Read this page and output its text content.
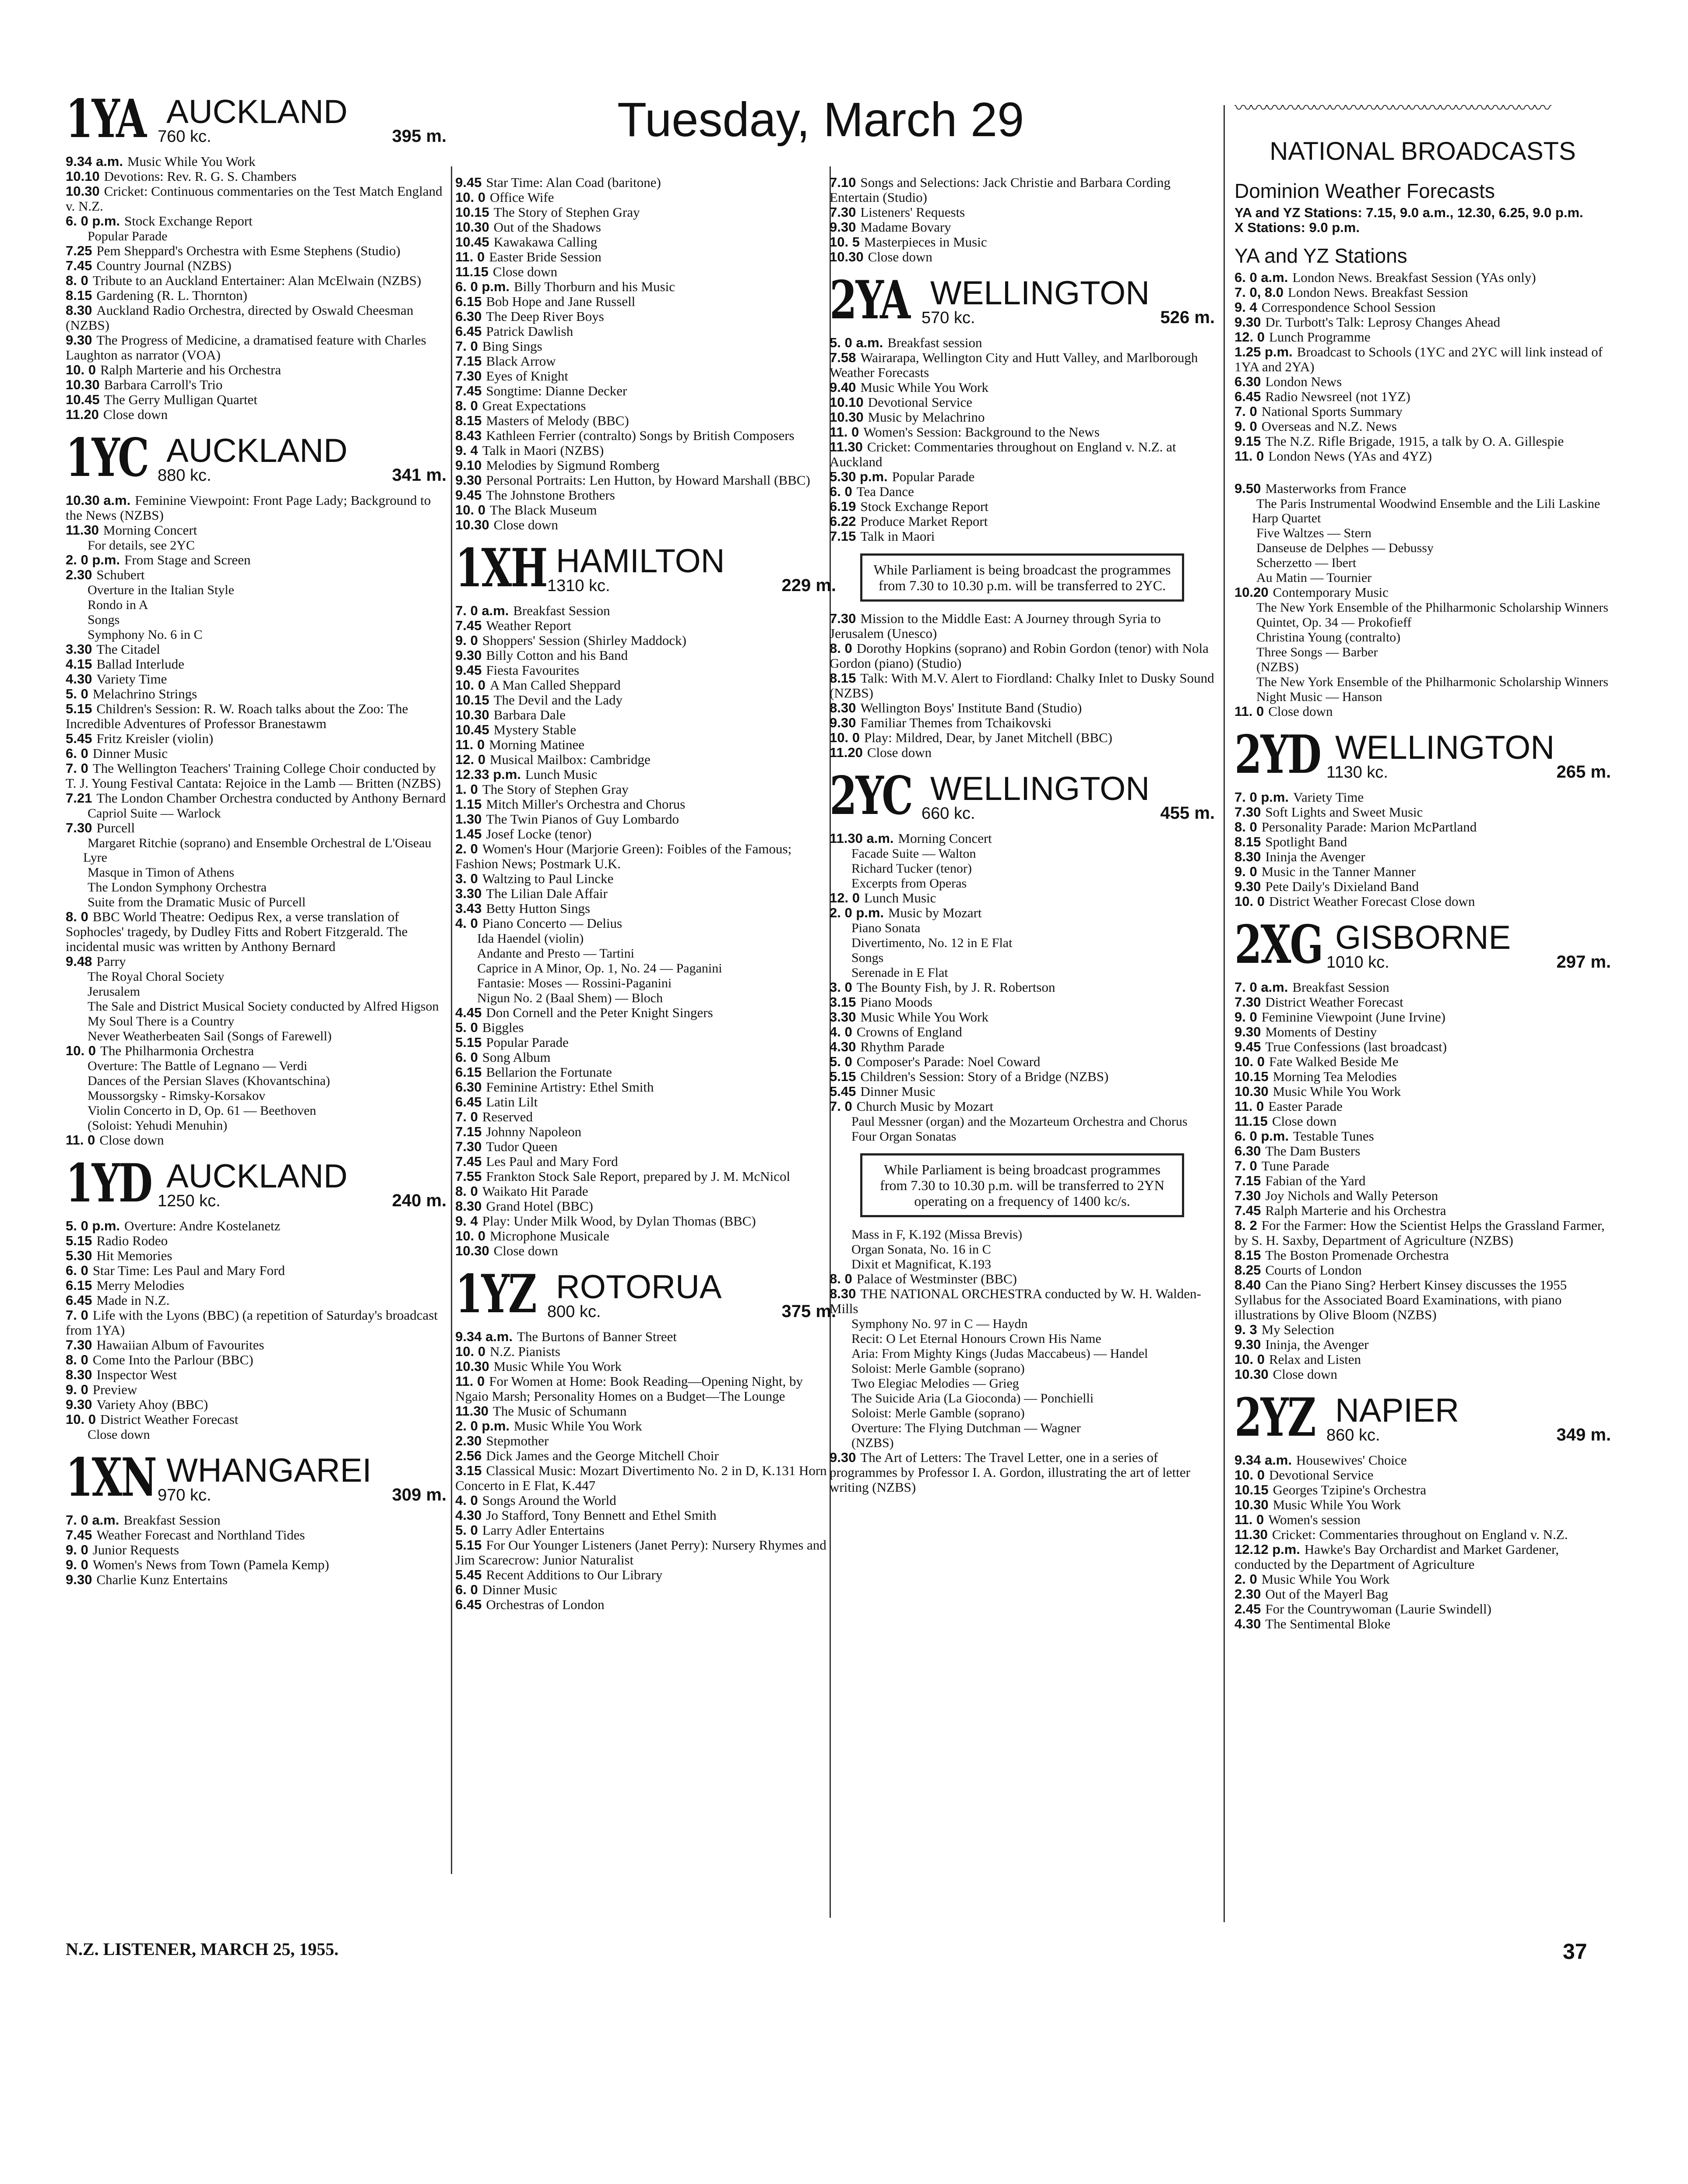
Tuesday, March 29
1YA AUCKLAND
760 kc.	395 m.
9.34 a.m. Music While You Work
10.10 Devotions: Rev. R. G. S. Chambers
10.30 Cricket: Continuous commentaries on the Test Match England v. N.Z.
6. 0 p.m. Stock Exchange Report
Popular Parade
7.25 Pem Sheppard's Orchestra with Esme Stephens (Studio)
7.45 Country Journal (NZBS)
8. 0 Tribute to an Auckland Entertainer: Alan McElwain (NZBS)
8.15 Gardening (R. L. Thornton)
8.30 Auckland Radio Orchestra, directed by Oswald Cheesman (NZBS)
9.30 The Progress of Medicine, a dramatised feature with Charles Laughton as narrator (VOA)
10. 0 Ralph Marterie and his Orchestra
10.30 Barbara Carroll's Trio
10.45 The Gerry Mulligan Quartet
11.20 Close down
1YC AUCKLAND
880 kc.	341 m.
10.30 a.m. Feminine Viewpoint: Front Page Lady; Background to the News (NZBS)
11.30 Morning Concert
For details, see 2YC
2. 0 p.m. From Stage and Screen
2.30 Schubert
Overture in the Italian Style
Rondo in A
Songs
Symphony No. 6 in C
3.30 The Citadel
4.15 Ballad Interlude
4.30 Variety Time
5. 0 Melachrino Strings
5.15 Children's Session: R. W. Roach talks about the Zoo: The Incredible Adventures of Professor Branestawm
5.45 Fritz Kreisler (violin)
6. 0 Dinner Music
7. 0 The Wellington Teachers' Training College Choir conducted by T. J. Young Festival Cantata: Rejoice in the Lamb — Britten (NZBS)
7.21 The London Chamber Orchestra conducted by Anthony Bernard
Capriol Suite — Warlock
7.30 Purcell
Margaret Ritchie (soprano) and Ensemble Orchestral de L'Oiseau Lyre
Masque in Timon of Athens
The London Symphony Orchestra
Suite from the Dramatic Music of Purcell
8. 0 BBC World Theatre: Oedipus Rex, a verse translation of Sophocles' tragedy, by Dudley Fitts and Robert Fitzgerald. The incidental music was written by Anthony Bernard
9.48 Parry
The Royal Choral Society
Jerusalem
The Sale and District Musical Society conducted by Alfred Higson
My Soul There is a Country
Never Weatherbeaten Sail (Songs of Farewell)
10. 0 The Philharmonia Orchestra
Overture: The Battle of Legnano — Verdi
Dances of the Persian Slaves (Khovantschina)
Moussorgsky - Rimsky-Korsakov
Violin Concerto in D, Op. 61 — Beethoven
(Soloist: Yehudi Menuhin)
11. 0 Close down
1YD AUCKLAND
1250 kc.	240 m.
5. 0 p.m. Overture: Andre Kostelanetz
5.15 Radio Rodeo
5.30 Hit Memories
6. 0 Star Time: Les Paul and Mary Ford
6.15 Merry Melodies
6.45 Made in N.Z.
7. 0 Life with the Lyons (BBC) (a repetition of Saturday's broadcast from 1YA)
7.30 Hawaiian Album of Favourites
8. 0 Come Into the Parlour (BBC)
8.30 Inspector West
9. 0 Preview
9.30 Variety Ahoy (BBC)
10. 0 District Weather Forecast
Close down
1XN WHANGAREI
970 kc.	309 m.
7. 0 a.m. Breakfast Session
7.45 Weather Forecast and Northland Tides
9. 0 Junior Requests
9. 0 Women's News from Town (Pamela Kemp)
9.30 Charlie Kunz Entertains
9.45 Star Time: Alan Coad (baritone)
10. 0 Office Wife
10.15 The Story of Stephen Gray
10.30 Out of the Shadows
10.45 Kawakawa Calling
11. 0 Easter Bride Session
11.15 Close down
6. 0 p.m. Billy Thorburn and his Music
6.15 Bob Hope and Jane Russell
6.30 The Deep River Boys
6.45 Patrick Dawlish
7. 0 Bing Sings
7.15 Black Arrow
7.30 Eyes of Knight
7.45 Songtime: Dianne Decker
8. 0 Great Expectations
8.15 Masters of Melody (BBC)
8.43 Kathleen Ferrier (contralto) Songs by British Composers
9. 4 Talk in Maori (NZBS)
9.10 Melodies by Sigmund Romberg
9.30 Personal Portraits: Len Hutton, by Howard Marshall (BBC)
9.45 The Johnstone Brothers
10. 0 The Black Museum
10.30 Close down
1XH HAMILTON
1310 kc.	229 m.
7. 0 a.m. Breakfast Session
7.45 Weather Report
9. 0 Shoppers' Session (Shirley Maddock)
9.30 Billy Cotton and his Band
9.45 Fiesta Favourites
10. 0 A Man Called Sheppard
10.15 The Devil and the Lady
10.30 Barbara Dale
10.45 Mystery Stable
11. 0 Morning Matinee
12. 0 Musical Mailbox: Cambridge
12.33 p.m. Lunch Music
1. 0 The Story of Stephen Gray
1.15 Mitch Miller's Orchestra and Chorus
1.30 The Twin Pianos of Guy Lombardo
1.45 Josef Locke (tenor)
2. 0 Women's Hour (Marjorie Green): Foibles of the Famous; Fashion News; Postmark U.K.
3. 0 Waltzing to Paul Lincke
3.30 The Lilian Dale Affair
3.43 Betty Hutton Sings
4. 0 Piano Concerto — Delius
Ida Haendel (violin)
Andante and Presto — Tartini
Caprice in A Minor, Op. 1, No. 24 — Paganini
Fantasie: Moses — Rossini-Paganini
Nigun No. 2 (Baal Shem) — Bloch
4.45 Don Cornell and the Peter Knight Singers
5. 0 Biggles
5.15 Popular Parade
6. 0 Song Album
6.15 Bellarion the Fortunate
6.30 Feminine Artistry: Ethel Smith
6.45 Latin Lilt
7. 0 Reserved
7.15 Johnny Napoleon
7.30 Tudor Queen
7.45 Les Paul and Mary Ford
7.55 Frankton Stock Sale Report, prepared by J. M. McNicol
8. 0 Waikato Hit Parade
8.30 Grand Hotel (BBC)
9. 4 Play: Under Milk Wood, by Dylan Thomas (BBC)
10. 0 Microphone Musicale
10.30 Close down
1YZ ROTORUA
800 kc.	375 m.
9.34 a.m. The Burtons of Banner Street
10. 0 N.Z. Pianists
10.30 Music While You Work
11. 0 For Women at Home: Book Reading—Opening Night, by Ngaio Marsh; Personality Homes on a Budget—The Lounge
11.30 The Music of Schumann
2. 0 p.m. Music While You Work
2.30 Stepmother
2.56 Dick James and the George Mitchell Choir
3.15 Classical Music: Mozart Divertimento No. 2 in D, K.131 Horn Concerto in E Flat, K.447
4. 0 Songs Around the World
4.30 Jo Stafford, Tony Bennett and Ethel Smith
5. 0 Larry Adler Entertains
5.15 For Our Younger Listeners (Janet Perry): Nursery Rhymes and Jim Scarecrow: Junior Naturalist
5.45 Recent Additions to Our Library
6. 0 Dinner Music
6.45 Orchestras of London
7.10 Songs and Selections: Jack Christie and Barbara Cording Entertain (Studio)
7.30 Listeners' Requests
9.30 Madame Bovary
10. 5 Masterpieces in Music
10.30 Close down
2YA WELLINGTON
570 kc.	526 m.
5. 0 a.m. Breakfast session
7.58 Wairarapa, Wellington City and Hutt Valley, and Marlborough Weather Forecasts
9.40 Music While You Work
10.10 Devotional Service
10.30 Music by Melachrino
11. 0 Women's Session: Background to the News
11.30 Cricket: Commentaries throughout on England v. N.Z. at Auckland
5.30 p.m. Popular Parade
6. 0 Tea Dance
6.19 Stock Exchange Report
6.22 Produce Market Report
7.15 Talk in Maori
While Parliament is being broadcast the programmes from 7.30 to 10.30 p.m. will be transferred to 2YC.
7.30 Mission to the Middle East: A Journey through Syria to Jerusalem (Unesco)
8. 0 Dorothy Hopkins (soprano) and Robin Gordon (tenor) with Nola Gordon (piano) (Studio)
8.15 Talk: With M.V. Alert to Fiordland: Chalky Inlet to Dusky Sound (NZBS)
8.30 Wellington Boys' Institute Band (Studio)
9.30 Familiar Themes from Tchaikovski
10. 0 Play: Mildred, Dear, by Janet Mitchell (BBC)
11.20 Close down
2YC WELLINGTON
660 kc.	455 m.
11.30 a.m. Morning Concert
Facade Suite — Walton
Richard Tucker (tenor)
Excerpts from Operas
12. 0 Lunch Music
2. 0 p.m. Music by Mozart
Piano Sonata
Divertimento, No. 12 in E Flat
Songs
Serenade in E Flat
3. 0 The Bounty Fish, by J. R. Robertson
3.15 Piano Moods
3.30 Music While You Work
4. 0 Crowns of England
4.30 Rhythm Parade
5. 0 Composer's Parade: Noel Coward
5.15 Children's Session: Story of a Bridge (NZBS)
5.45 Dinner Music
7. 0 Church Music by Mozart
Paul Messner (organ) and the Mozarteum Orchestra and Chorus
Four Organ Sonatas
While Parliament is being broadcast programmes from 7.30 to 10.30 p.m. will be transferred to 2YN operating on a frequency of 1400 kc/s.
Mass in F, K.192 (Missa Brevis)
Organ Sonata, No. 16 in C
Dixit et Magnificat, K.193
8. 0 Palace of Westminster (BBC)
8.30 THE NATIONAL ORCHESTRA conducted by W. H. Walden-Mills
Symphony No. 97 in C — Haydn
Recit: O Let Eternal Honours Crown His Name
Aria: From Mighty Kings (Judas Maccabeus) — Handel
Soloist: Merle Gamble (soprano)
Two Elegiac Melodies — Grieg
The Suicide Aria (La Gioconda) — Ponchielli
Soloist: Merle Gamble (soprano)
Overture: The Flying Dutchman — Wagner
(NZBS)
9.30 The Art of Letters: The Travel Letter, one in a series of programmes by Professor I. A. Gordon, illustrating the art of letter writing (NZBS)
〰〰〰〰〰〰〰〰〰〰〰〰〰〰〰〰〰〰〰〰
NATIONAL BROADCASTS
Dominion Weather Forecasts
YA and YZ Stations: 7.15, 9.0 a.m., 12.30, 6.25, 9.0 p.m.
X Stations: 9.0 p.m.
YA and YZ Stations
6. 0 a.m. London News. Breakfast Session (YAs only)
7. 0, 8.0 London News. Breakfast Session
9. 4 Correspondence School Session
9.30 Dr. Turbott's Talk: Leprosy Changes Ahead
12. 0 Lunch Programme
1.25 p.m. Broadcast to Schools (1YC and 2YC will link instead of 1YA and 2YA)
6.30 London News
6.45 Radio Newsreel (not 1YZ)
7. 0 National Sports Summary
9. 0 Overseas and N.Z. News
9.15 The N.Z. Rifle Brigade, 1915, a talk by O. A. Gillespie
11. 0 London News (YAs and 4YZ)
9.50 Masterworks from France
The Paris Instrumental Woodwind Ensemble and the Lili Laskine Harp Quartet
Five Waltzes — Stern
Danseuse de Delphes — Debussy
Scherzetto — Ibert
Au Matin — Tournier
10.20 Contemporary Music
The New York Ensemble of the Philharmonic Scholarship Winners
Quintet, Op. 34 — Prokofieff
Christina Young (contralto)
Three Songs — Barber
(NZBS)
The New York Ensemble of the Philharmonic Scholarship Winners
Night Music — Hanson
11. 0 Close down
2YD WELLINGTON
1130 kc.	265 m.
7. 0 p.m. Variety Time
7.30 Soft Lights and Sweet Music
8. 0 Personality Parade: Marion McPartland
8.15 Spotlight Band
8.30 Ininja the Avenger
9. 0 Music in the Tanner Manner
9.30 Pete Daily's Dixieland Band
10. 0 District Weather Forecast Close down
2XG GISBORNE
1010 kc.	297 m.
7. 0 a.m. Breakfast Session
7.30 District Weather Forecast
9. 0 Feminine Viewpoint (June Irvine)
9.30 Moments of Destiny
9.45 True Confessions (last broadcast)
10. 0 Fate Walked Beside Me
10.15 Morning Tea Melodies
10.30 Music While You Work
11. 0 Easter Parade
11.15 Close down
6. 0 p.m. Testable Tunes
6.30 The Dam Busters
7. 0 Tune Parade
7.15 Fabian of the Yard
7.30 Joy Nichols and Wally Peterson
7.45 Ralph Marterie and his Orchestra
8. 2 For the Farmer: How the Scientist Helps the Grassland Farmer, by S. H. Saxby, Department of Agriculture (NZBS)
8.15 The Boston Promenade Orchestra
8.25 Courts of London
8.40 Can the Piano Sing? Herbert Kinsey discusses the 1955 Syllabus for the Associated Board Examinations, with piano illustrations by Olive Bloom (NZBS)
9. 3 My Selection
9.30 Ininja, the Avenger
10. 0 Relax and Listen
10.30 Close down
2YZ NAPIER
860 kc.	349 m.
9.34 a.m. Housewives' Choice
10. 0 Devotional Service
10.15 Georges Tzipine's Orchestra
10.30 Music While You Work
11. 0 Women's session
11.30 Cricket: Commentaries throughout on England v. N.Z.
12.12 p.m. Hawke's Bay Orchardist and Market Gardener, conducted by the Department of Agriculture
2. 0 Music While You Work
2.30 Out of the Mayerl Bag
2.45 For the Countrywoman (Laurie Swindell)
4.30 The Sentimental Bloke
N.Z. LISTENER, MARCH 25, 1955.	37
